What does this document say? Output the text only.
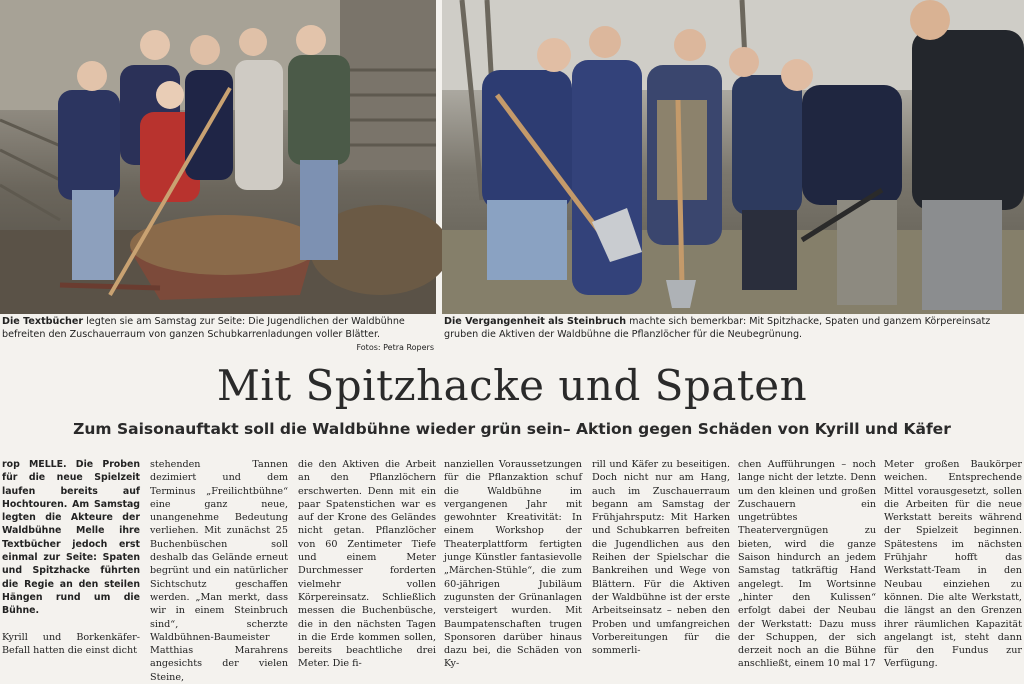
Die Textbücher legten sie am Samstag zur Seite: Die Jugendlichen der Waldbühne befreiten den Zuschauerraum von ganzen Schubkarrenladungen voller Blätter.
Fotos: Petra Ropers
Die Vergangenheit als Steinbruch machte sich bemerkbar: Mit Spitzhacke, Spaten und ganzem Körpereinsatz gruben die Aktiven der Waldbühne die Pflanzlöcher für die Neubegrünung.
Mit Spitzhacke und Spaten
Zum Saisonauftakt soll die Waldbühne wieder grün sein– Aktion gegen Schäden von Kyrill und Käfer

rop MELLE. Die Proben für die neue Spielzeit laufen bereits auf Hochtouren. Am Samstag legten die Akteure der Waldbühne Melle ihre Textbücher jedoch erst einmal zur Seite: Spaten und Spitzhacke führten die Regie an den steilen Hängen rund um die Bühne.

Kyrill und Borkenkäfer-Befall hatten die einst dicht

stehenden Tannen dezimiert und dem Terminus „Freilichtbühne“ eine ganz neue, unangenehme Bedeutung verliehen. Mit zunächst 25 Buchenbüschen soll deshalb das Gelände erneut begrünt und ein natürlicher Sichtschutz geschaffen werden. „Man merkt, dass wir in einem Steinbruch sind“, scherzte Waldbühnen-Baumeister Matthias Marahrens angesichts der vielen Steine,

die den Aktiven die Arbeit an den Pflanzlöchern erschwerten. Denn mit ein paar Spatenstichen war es auf der Krone des Geländes nicht getan. Pflanzlöcher von 60 Zentimeter Tiefe und einem Meter Durchmesser forderten vielmehr vollen Körpereinsatz. Schließlich messen die Buchenbüsche, die in den nächsten Tagen in die Erde kommen sollen, bereits beachtliche drei Meter. Die fi-

nanziellen Voraussetzungen für die Pflanzaktion schuf die Waldbühne im vergangenen Jahr mit gewohnter Kreativität: In einem Workshop der Theaterplattform fertigten junge Künstler fantasievolle „Märchen-Stühle“, die zum 60-jährigen Jubiläum zugunsten der Grünanlagen versteigert wurden. Mit Baumpatenschaften trugen Sponsoren darüber hinaus dazu bei, die Schäden von Ky-

rill und Käfer zu beseitigen. Doch nicht nur am Hang, auch im Zuschauerraum begann am Samstag der Frühjahrsputz: Mit Harken und Schubkarren befreiten die Jugendlichen aus den Reihen der Spielschar die Bankreihen und Wege von Blättern. Für die Aktiven der Waldbühne ist der erste Arbeitseinsatz – neben den Proben und umfangreichen Vorbereitungen für die sommerli-

chen Aufführungen – noch lange nicht der letzte. Denn um den kleinen und großen Zuschauern ein ungetrübtes Theatervergnügen zu bieten, wird die ganze Saison hindurch an jedem Samstag tatkräftig Hand angelegt. Im Wortsinne „hinter den Kulissen“ erfolgt dabei der Neubau der Werkstatt: Dazu muss der Schuppen, der sich derzeit noch an die Bühne anschließt, einem 10 mal 17

Meter großen Baukörper weichen. Entsprechende Mittel vorausgesetzt, sollen die Arbeiten für die neue Werkstatt bereits während der Spielzeit beginnen. Spätestens im nächsten Frühjahr hofft das Werkstatt-Team in den Neubau einziehen zu können. Die alte Werkstatt, die längst an den Grenzen ihrer räumlichen Kapazität angelangt ist, steht dann für den Fundus zur Verfügung.
